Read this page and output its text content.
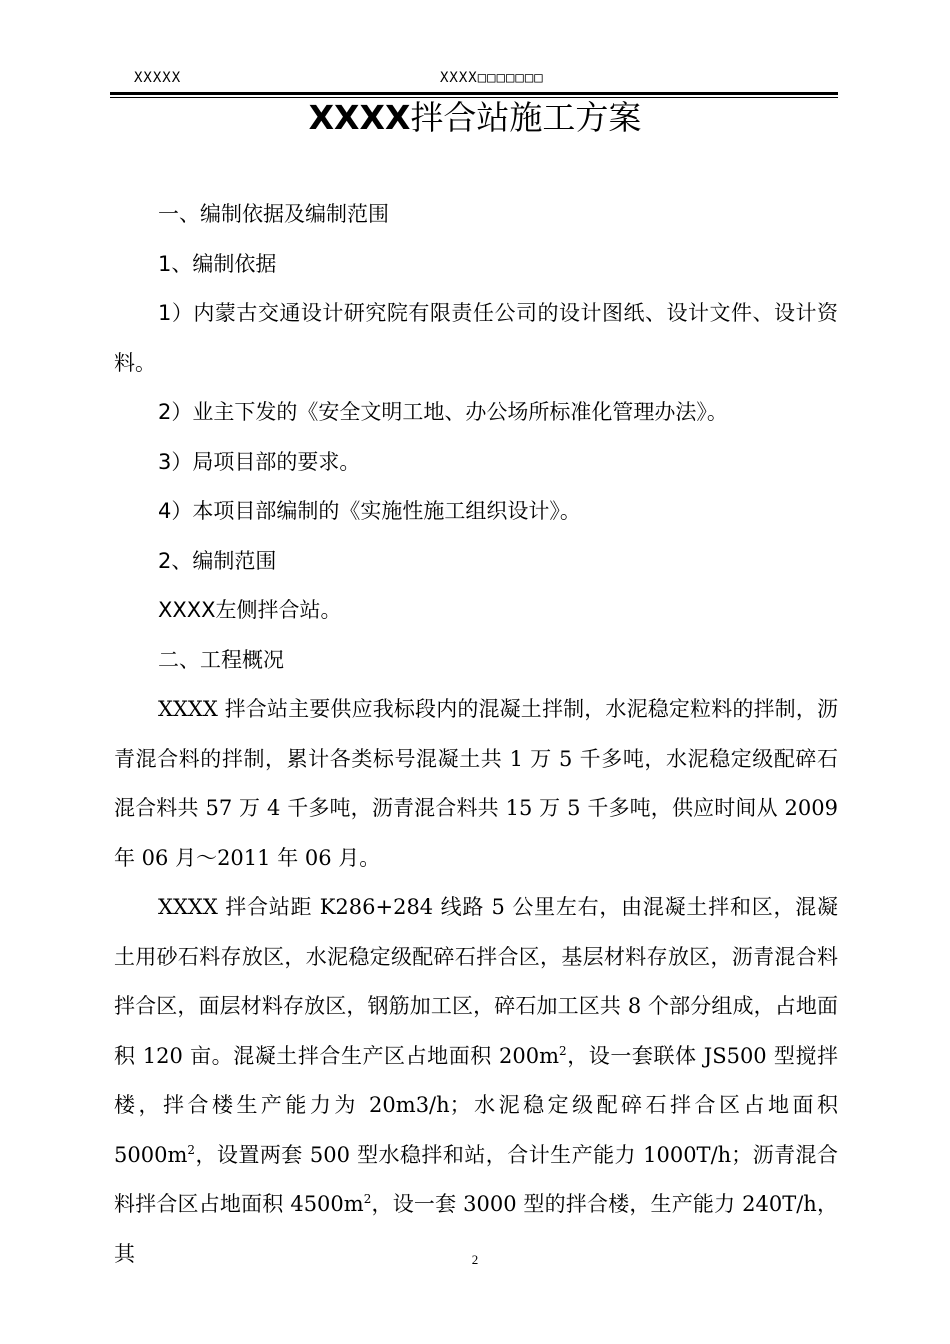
XXXXX	XXXX□□□□□□□
XXXX拌合站施工方案

一、编制依据及编制范围

1、编制依据

1）内蒙古交通设计研究院有限责任公司的设计图纸、设计文件、设计资料。

2）业主下发的《安全文明工地、办公场所标准化管理办法》。

3）局项目部的要求。

4）本项目部编制的《实施性施工组织设计》。

2、编制范围

XXXX左侧拌合站。

二、工程概况

XXXX 拌合站主要供应我标段内的混凝土拌制，水泥稳定粒料的拌制，沥青混合料的拌制，累计各类标号混凝土共 1 万 5 千多吨，水泥稳定级配碎石混合料共 57 万 4 千多吨，沥青混合料共 15 万 5 千多吨，供应时间从 2009 年 06 月～2011 年 06 月。

XXXX 拌合站距 K286+284 线路 5 公里左右，由混凝土拌和区，混凝土用砂石料存放区，水泥稳定级配碎石拌合区，基层材料存放区，沥青混合料拌合区，面层材料存放区，钢筋加工区，碎石加工区共 8 个部分组成，占地面积 120 亩。混凝土拌合生产区占地面积 $200m^2$，设一套联体 JS500 型搅拌楼，拌合楼生产能力为 20m3/h；水泥稳定级配碎石拌合区占地面积 $5000m^2$，设置两套 500 型水稳拌和站，合计生产能力 1000T/h；沥青混合料拌合区占地面积 $4500m^2$，设一套 3000 型的拌合楼，生产能力 240T/h，其	2
